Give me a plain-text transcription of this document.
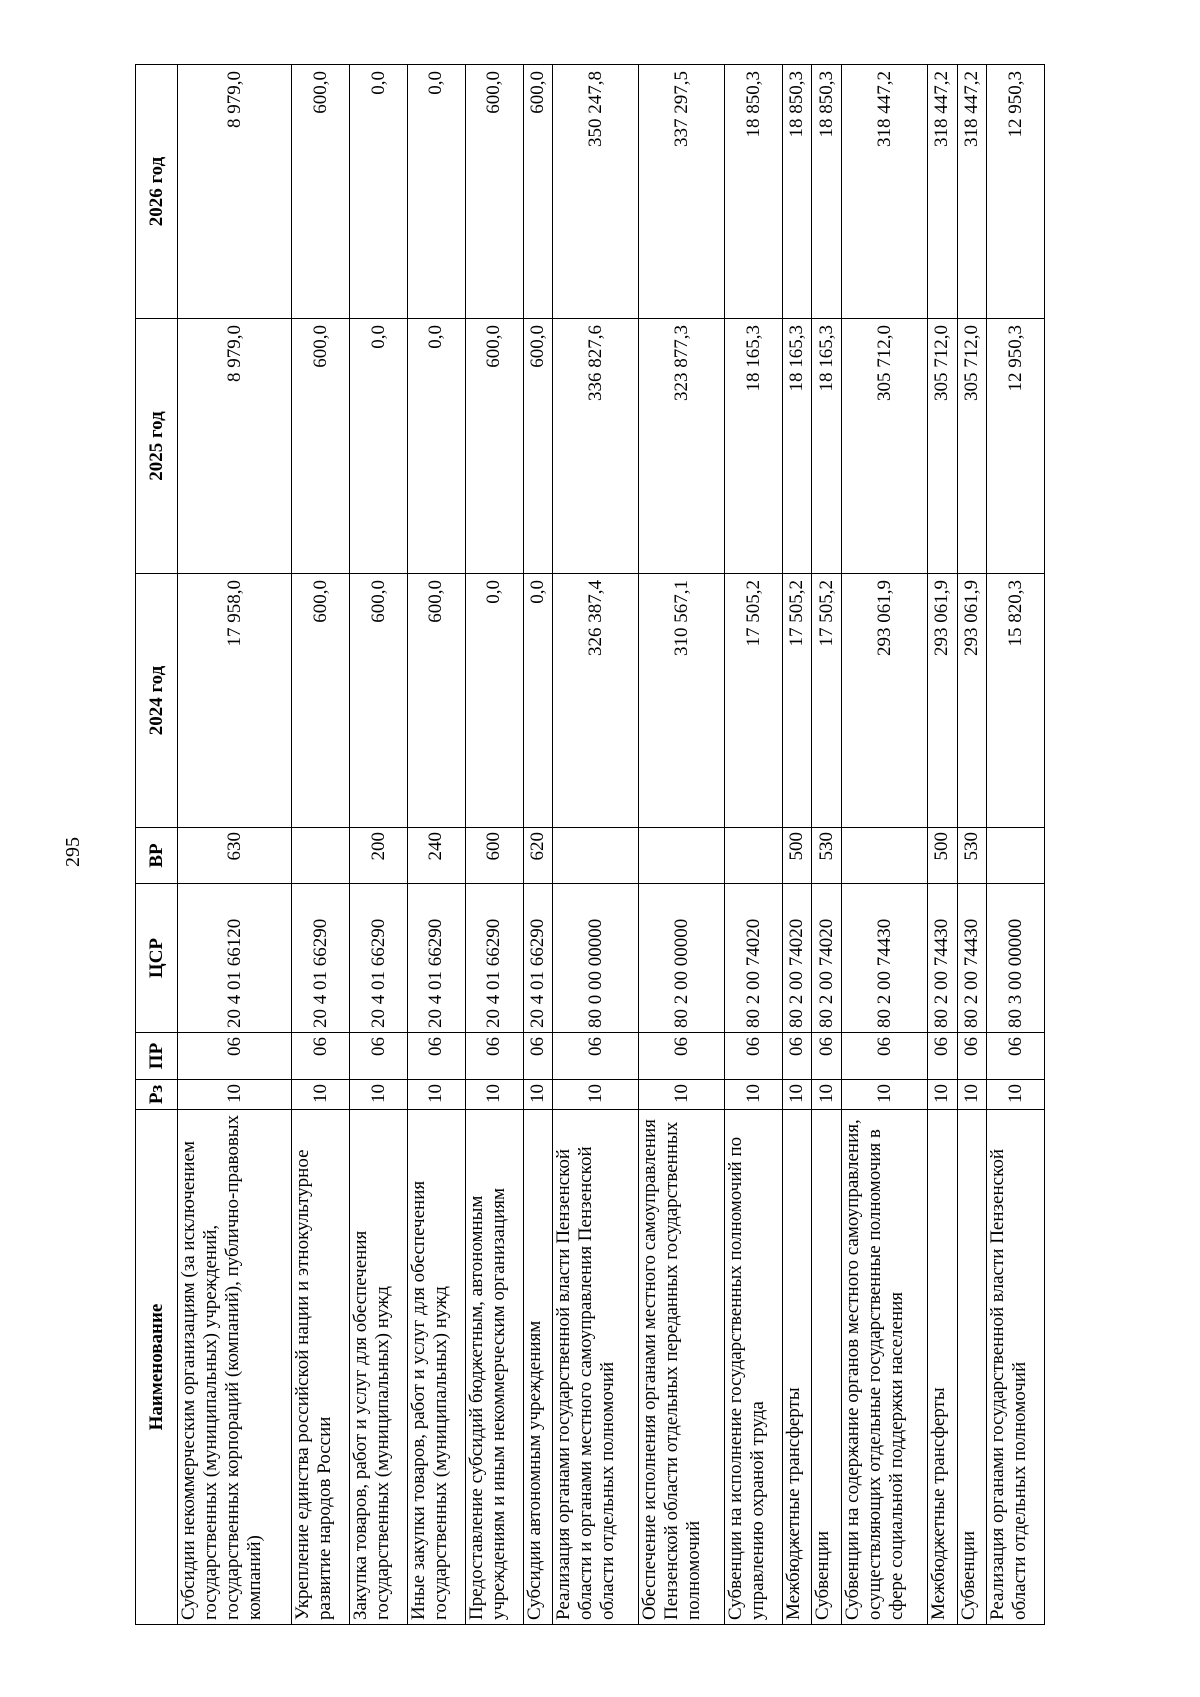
295
Наименование	Рз	ПР	ЦСР	ВР	2024 год	2025 год	2026 год
Субсидии некоммерческим организациям (за исключением государственных (муниципальных) учреждений, государственных корпораций (компаний), публично-правовых компаний)	10	06	20 4 01 66120	630	17 958,0	8 979,0	8 979,0
Укрепление единства российской нации и этнокультурное развитие народов России	10	06	20 4 01 66290		600,0	600,0	600,0
Закупка товаров, работ и услуг для обеспечения государственных (муниципальных) нужд	10	06	20 4 01 66290	200	600,0	0,0	0,0
Иные закупки товаров, работ и услуг для обеспечения государственных (муниципальных) нужд	10	06	20 4 01 66290	240	600,0	0,0	0,0
Предоставление субсидий бюджетным, автономным учреждениям и иным некоммерческим организациям	10	06	20 4 01 66290	600	0,0	600,0	600,0
Субсидии автономным учреждениям	10	06	20 4 01 66290	620	0,0	600,0	600,0
Реализация органами государственной власти Пензенской области и органами местного самоуправления Пензенской области отдельных полномочий	10	06	80 0 00 00000		326 387,4	336 827,6	350 247,8
Обеспечение исполнения органами местного самоуправления Пензенской области отдельных переданных государственных полномочий	10	06	80 2 00 00000		310 567,1	323 877,3	337 297,5
Субвенции на исполнение государственных полномочий по управлению охраной труда	10	06	80 2 00 74020		17 505,2	18 165,3	18 850,3
Межбюджетные трансферты	10	06	80 2 00 74020	500	17 505,2	18 165,3	18 850,3
Субвенции	10	06	80 2 00 74020	530	17 505,2	18 165,3	18 850,3
Субвенции на содержание органов местного самоуправления, осуществляющих отдельные государственные полномочия в сфере социальной поддержки населения	10	06	80 2 00 74430		293 061,9	305 712,0	318 447,2
Межбюджетные трансферты	10	06	80 2 00 74430	500	293 061,9	305 712,0	318 447,2
Субвенции	10	06	80 2 00 74430	530	293 061,9	305 712,0	318 447,2
Реализация органами государственной власти Пензенской области отдельных полномочий	10	06	80 3 00 00000		15 820,3	12 950,3	12 950,3
